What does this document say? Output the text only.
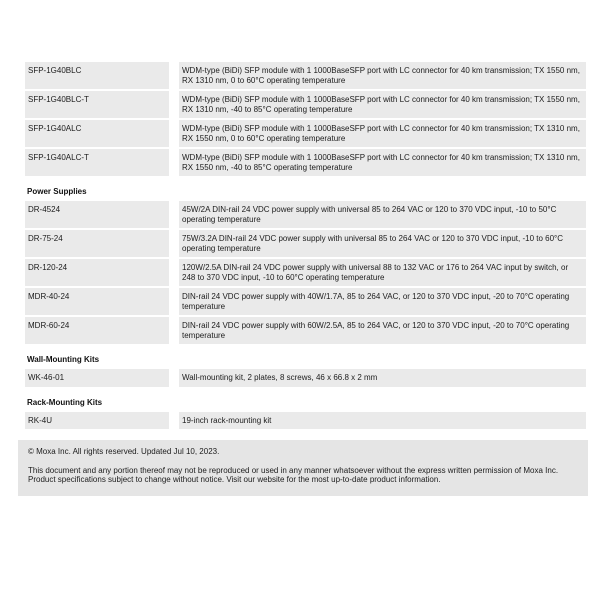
SFP-1G40BLC	WDM-type (BiDi) SFP module with 1 1000BaseSFP port with LC connector for 40 km transmission; TX 1550 nm, RX 1310 nm, 0 to 60°C operating temperature
SFP-1G40BLC-T	WDM-type (BiDi) SFP module with 1 1000BaseSFP port with LC connector for 40 km transmission; TX 1550 nm, RX 1310 nm, -40 to 85°C operating temperature
SFP-1G40ALC	WDM-type (BiDi) SFP module with 1 1000BaseSFP port with LC connector for 40 km transmission; TX 1310 nm, RX 1550 nm, 0 to 60°C operating temperature
SFP-1G40ALC-T	WDM-type (BiDi) SFP module with 1 1000BaseSFP port with LC connector for 40 km transmission; TX 1310 nm, RX 1550 nm, -40 to 85°C operating temperature
Power Supplies
DR-4524	45W/2A DIN-rail 24 VDC power supply with universal 85 to 264 VAC or 120 to 370 VDC input, -10 to 50°C operating temperature
DR-75-24	75W/3.2A DIN-rail 24 VDC power supply with universal 85 to 264 VAC or 120 to 370 VDC input, -10 to 60°C operating temperature
DR-120-24	120W/2.5A DIN-rail 24 VDC power supply with universal 88 to 132 VAC or 176 to 264 VAC input by switch, or 248 to 370 VDC input, -10 to 60°C operating temperature
MDR-40-24	DIN-rail 24 VDC power supply with 40W/1.7A, 85 to 264 VAC, or 120 to 370 VDC input, -20 to 70°C operating temperature
MDR-60-24	DIN-rail 24 VDC power supply with 60W/2.5A, 85 to 264 VAC, or 120 to 370 VDC input, -20 to 70°C operating temperature
Wall-Mounting Kits
WK-46-01	Wall-mounting kit, 2 plates, 8 screws, 46 x 66.8 x 2 mm
Rack-Mounting Kits
RK-4U	19-inch rack-mounting kit
© Moxa Inc. All rights reserved. Updated Jul 10, 2023.
This document and any portion thereof may not be reproduced or used in any manner whatsoever without the express written permission of Moxa Inc. Product specifications subject to change without notice. Visit our website for the most up-to-date product information.
